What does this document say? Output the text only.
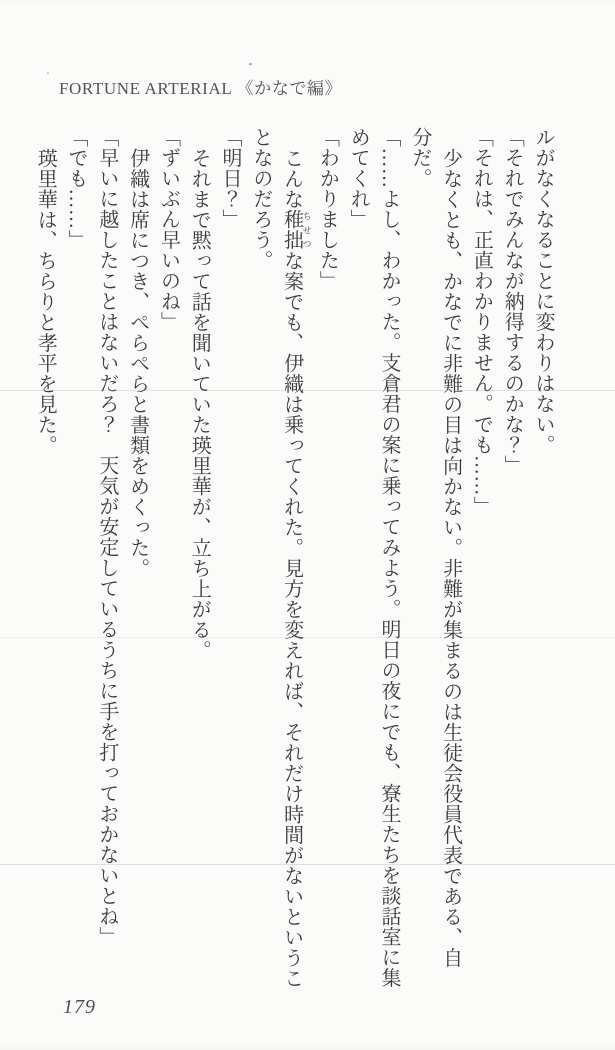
FORTUNE ARTERIAL 《かなで編》

ルがなくなることに変わりはない。

「それでみんなが納得するのかな？」

「それは、正直わかりません。でも……」

少なくとも、かなでに非難の目は向かない。非難が集まるのは生徒会役員代表である、自

分だ。

「……よし、わかった。支倉君の案に乗ってみよう。明日の夜にでも、寮生たちを談話室に集

めてくれ」

「わかりました」

こんな稚拙 ちせつな案でも、伊織は乗ってくれた。見方を変えれば、それだけ時間がないというこ

となのだろう。

「明日？」

それまで黙って話を聞いていた瑛里華が、立ち上がる。

「ずいぶん早いのね」

伊織は席につき、ぺらぺらと書類をめくった。

「早いに越したことはないだろ？　天気が安定しているうちに手を打っておかないとね」

「でも……」

瑛里華は、ちらりと孝平を見た。

179
